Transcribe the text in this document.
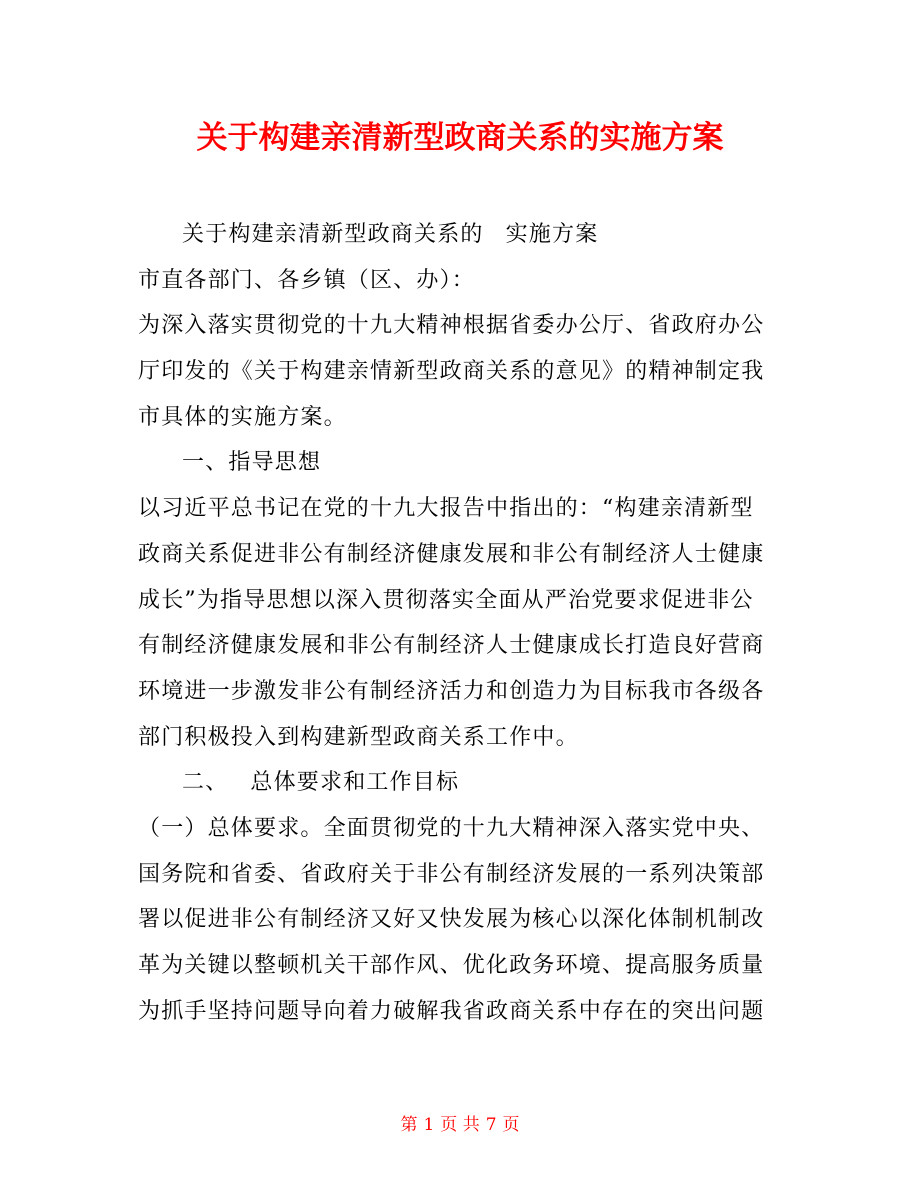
关于构建亲清新型政商关系的实施方案
关于构建亲清新型政商关系的 实施方案
市直各部门、各乡镇（区、办）：
为深入落实贯彻党的十九大精神根据省委办公厅、省政府办公
厅印发的《关于构建亲情新型政商关系的意见》的精神制定我
市具体的实施方案。
一、指导思想
以习近平总书记在党的十九大报告中指出的：“构建亲清新型
政商关系促进非公有制经济健康发展和非公有制经济人士健康
成长”为指导思想以深入贯彻落实全面从严治党要求促进非公
有制经济健康发展和非公有制经济人士健康成长打造良好营商
环境进一步激发非公有制经济活力和创造力为目标我市各级各
部门积极投入到构建新型政商关系工作中。
二、 总体要求和工作目标
（一）总体要求。全面贯彻党的十九大精神深入落实党中央、
国务院和省委、省政府关于非公有制经济发展的一系列决策部
署以促进非公有制经济又好又快发展为核心以深化体制机制改
革为关键以整顿机关干部作风、优化政务环境、提高服务质量
为抓手坚持问题导向着力破解我省政商关系中存在的突出问题
第 1 页 共 7 页
